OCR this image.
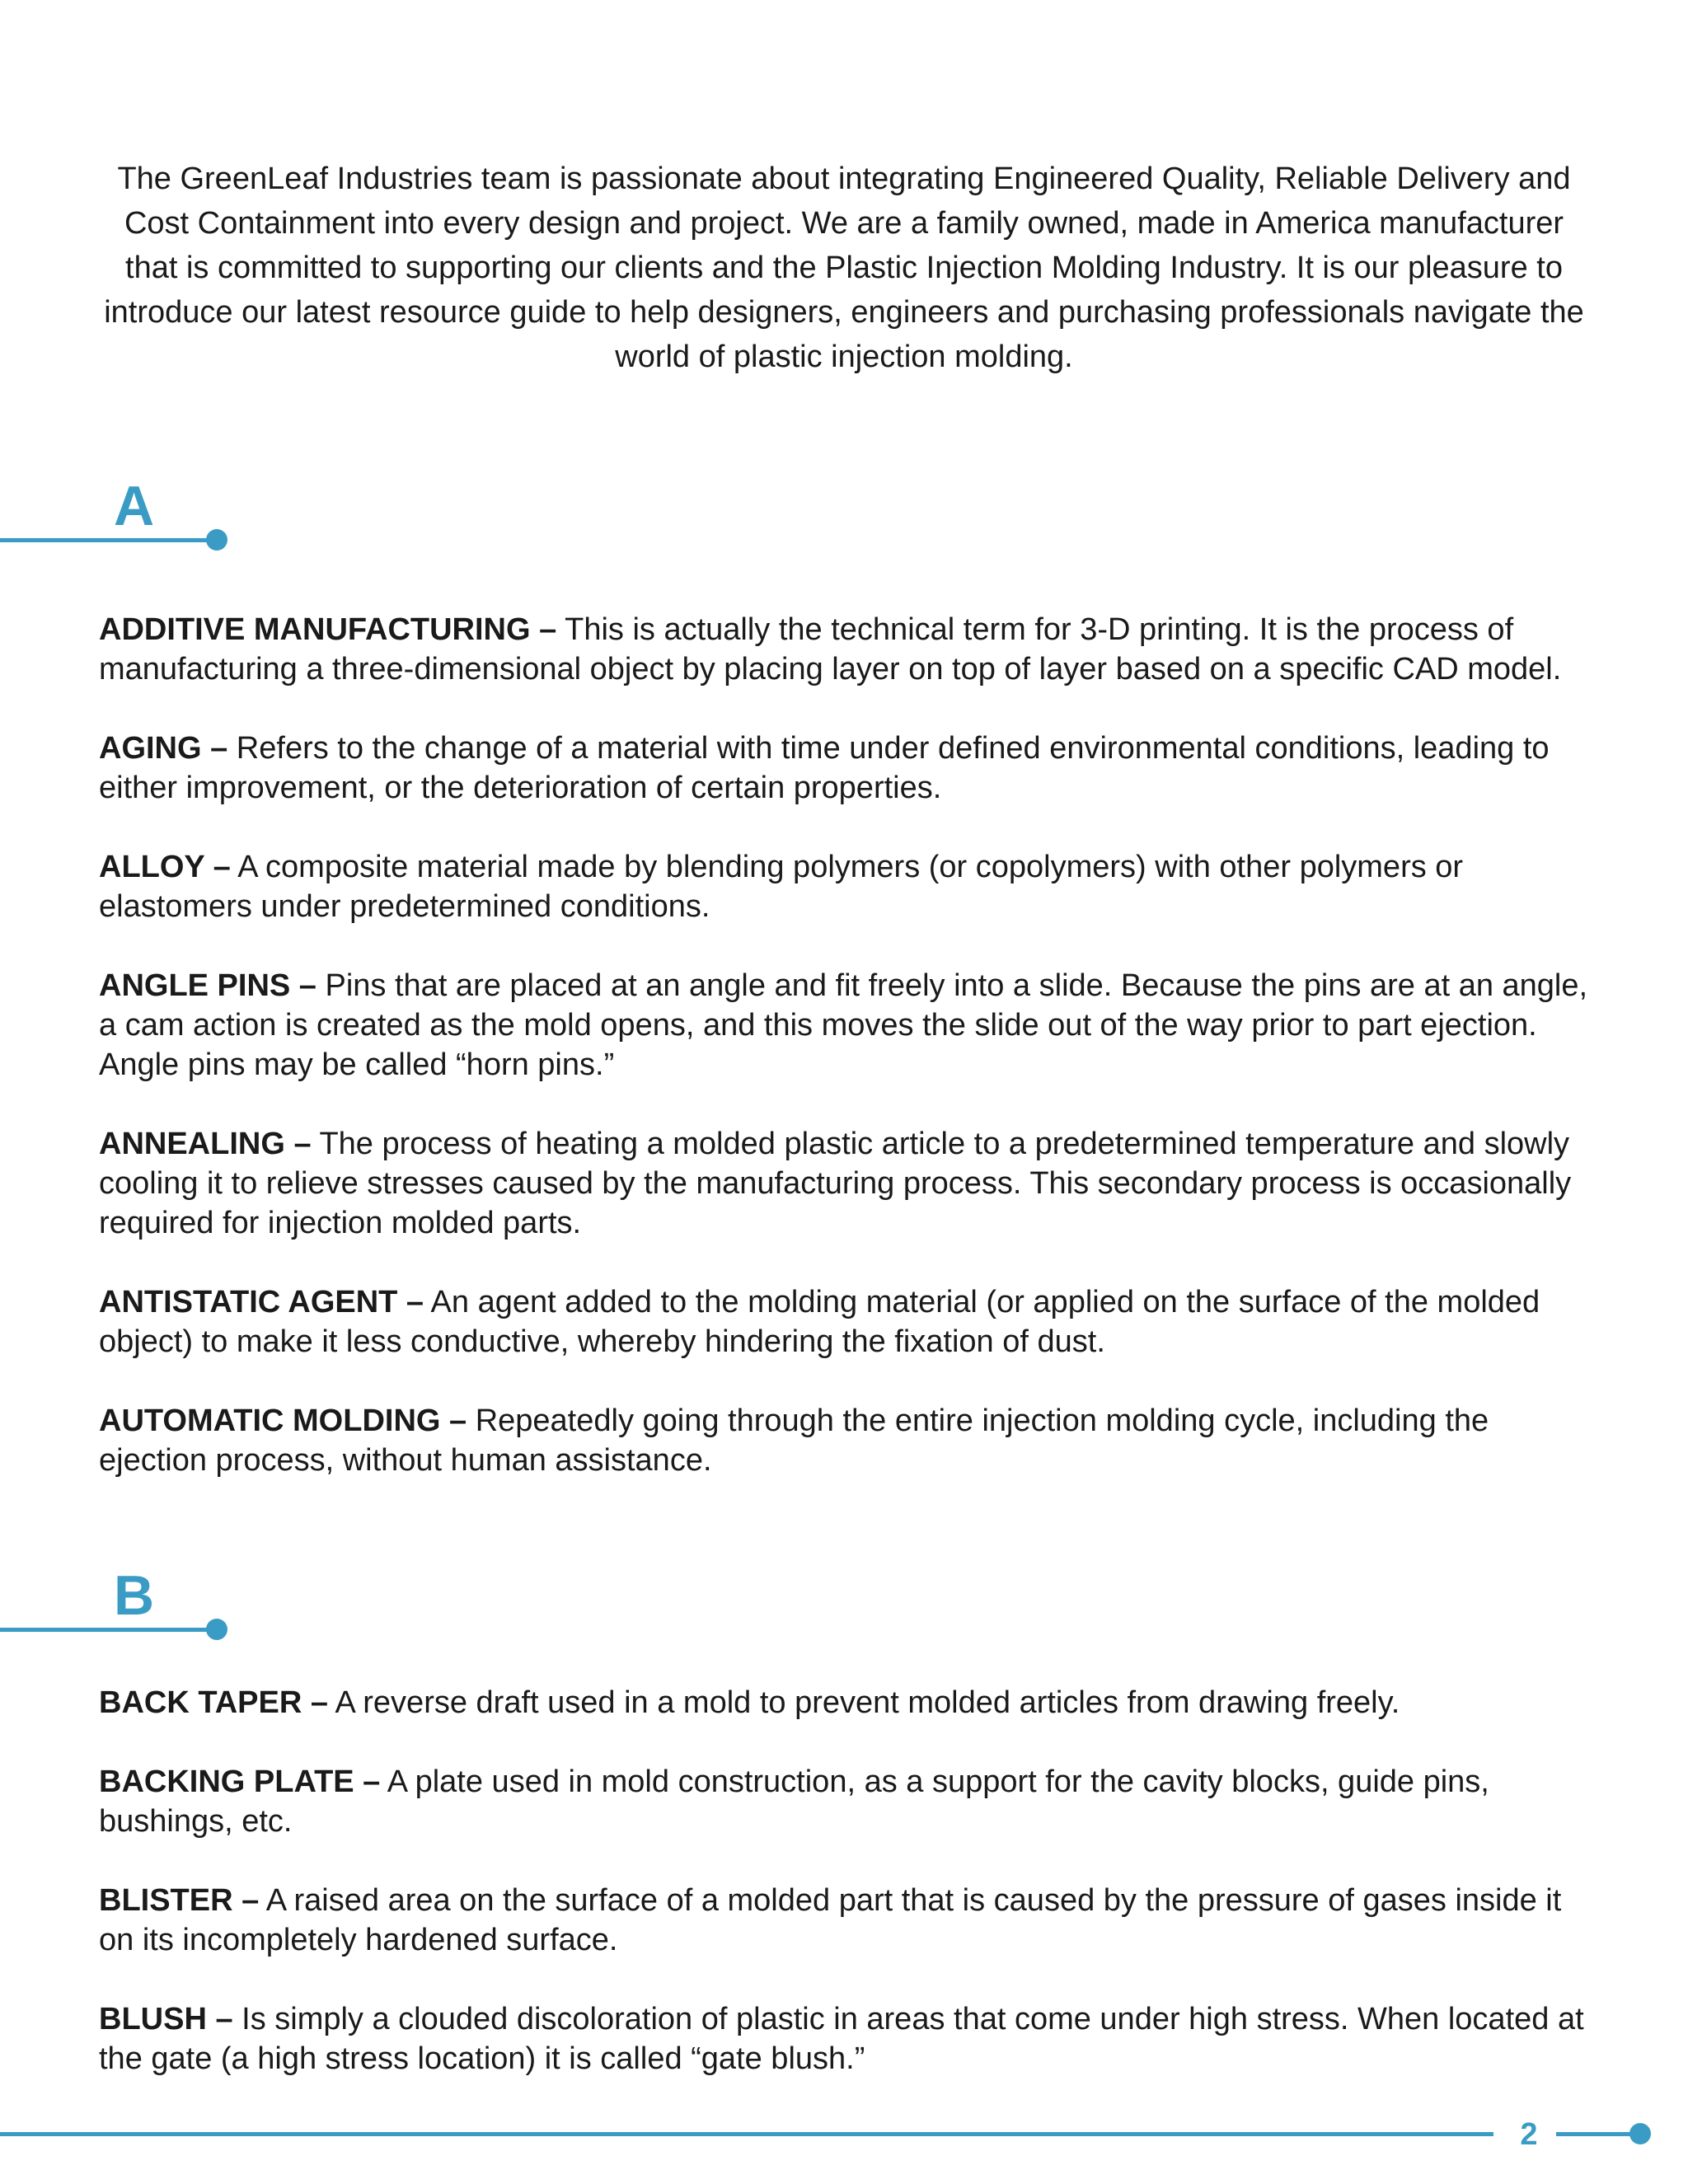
The GreenLeaf Industries team is passionate about integrating Engineered Quality, Reliable Delivery and Cost Containment into every design and project. We are a family owned, made in America manufacturer that is committed to supporting our clients and the Plastic Injection Molding Industry. It is our pleasure to introduce our latest resource guide to help designers, engineers and purchasing professionals navigate the world of plastic injection molding.
A

ADDITIVE MANUFACTURING – This is actually the technical term for 3-D printing. It is the process of manufacturing a three-dimensional object by placing layer on top of layer based on a specific CAD model.

AGING – Refers to the change of a material with time under defined environmental conditions, leading to either improvement, or the deterioration of certain properties.

ALLOY – A composite material made by blending polymers (or copolymers) with other polymers or elastomers under predetermined conditions.

ANGLE PINS – Pins that are placed at an angle and fit freely into a slide. Because the pins are at an angle, a cam action is created as the mold opens, and this moves the slide out of the way prior to part ejection. Angle pins may be called “horn pins.”

ANNEALING – The process of heating a molded plastic article to a predetermined temperature and slowly cooling it to relieve stresses caused by the manufacturing process. This secondary process is occasionally required for injection molded parts.

ANTISTATIC AGENT – An agent added to the molding material (or applied on the surface of the molded object) to make it less conductive, whereby hindering the fixation of dust.

AUTOMATIC MOLDING – Repeatedly going through the entire injection molding cycle, including the ejection process, without human assistance.

B

BACK TAPER – A reverse draft used in a mold to prevent molded articles from drawing freely.

BACKING PLATE – A plate used in mold construction, as a support for the cavity blocks, guide pins, bushings, etc.

BLISTER – A raised area on the surface of a molded part that is caused by the pressure of gases inside it on its incompletely hardened surface.

BLUSH – Is simply a clouded discoloration of plastic in areas that come under high stress. When located at the gate (a high stress location) it is called “gate blush.”

2
